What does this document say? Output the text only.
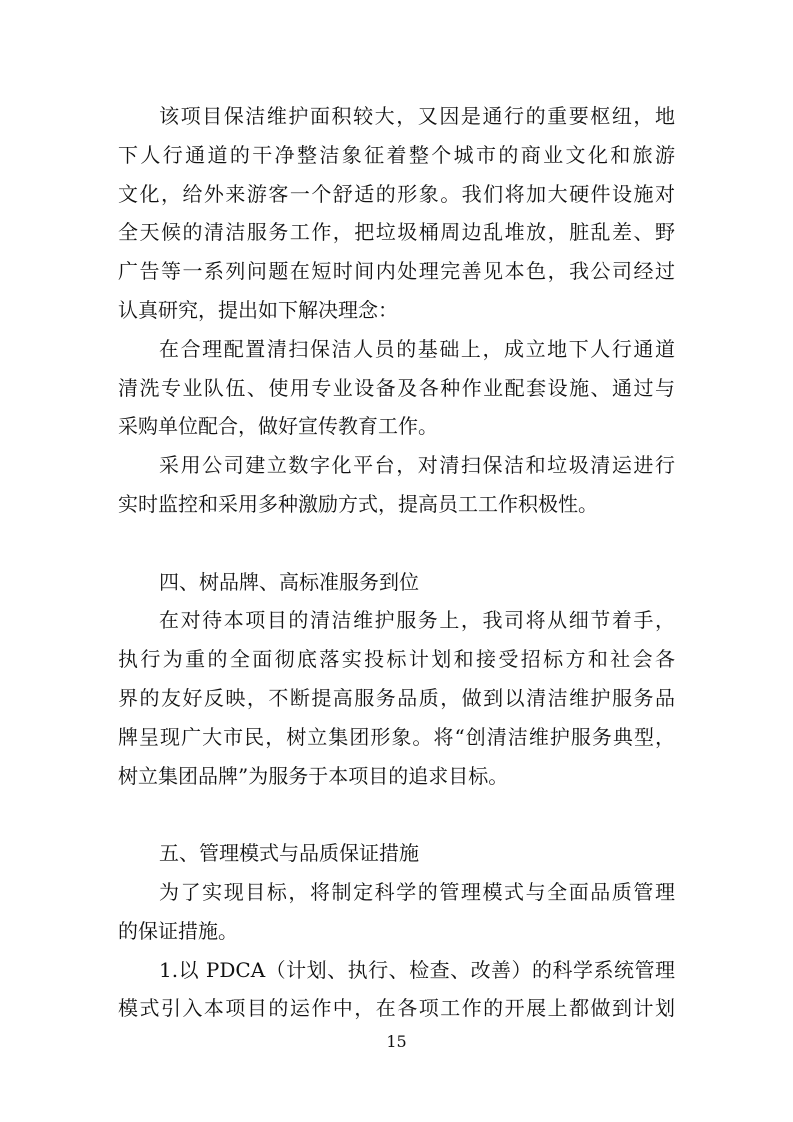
该项目保洁维护面积较大，又因是通行的重要枢纽，地
下人行通道的干净整洁象征着整个城市的商业文化和旅游
文化，给外来游客一个舒适的形象。我们将加大硬件设施对
全天候的清洁服务工作，把垃圾桶周边乱堆放，脏乱差、野
广告等一系列问题在短时间内处理完善见本色，我公司经过
认真研究，提出如下解决理念：
在合理配置清扫保洁人员的基础上，成立地下人行通道
清洗专业队伍、使用专业设备及各种作业配套设施、通过与
采购单位配合，做好宣传教育工作。
采用公司建立数字化平台，对清扫保洁和垃圾清运进行
实时监控和采用多种激励方式，提高员工工作积极性。
四、树品牌、高标准服务到位
在对待本项目的清洁维护服务上，我司将从细节着手，
执行为重的全面彻底落实投标计划和接受招标方和社会各
界的友好反映，不断提高服务品质，做到以清洁维护服务品
牌呈现广大市民，树立集团形象。将“创清洁维护服务典型，
树立集团品牌”为服务于本项目的追求目标。
五、管理模式与品质保证措施
为了实现目标，将制定科学的管理模式与全面品质管理
的保证措施。
1.以 PDCA（计划、执行、检查、改善）的科学系统管理
模式引入本项目的运作中，在各项工作的开展上都做到计划
15
